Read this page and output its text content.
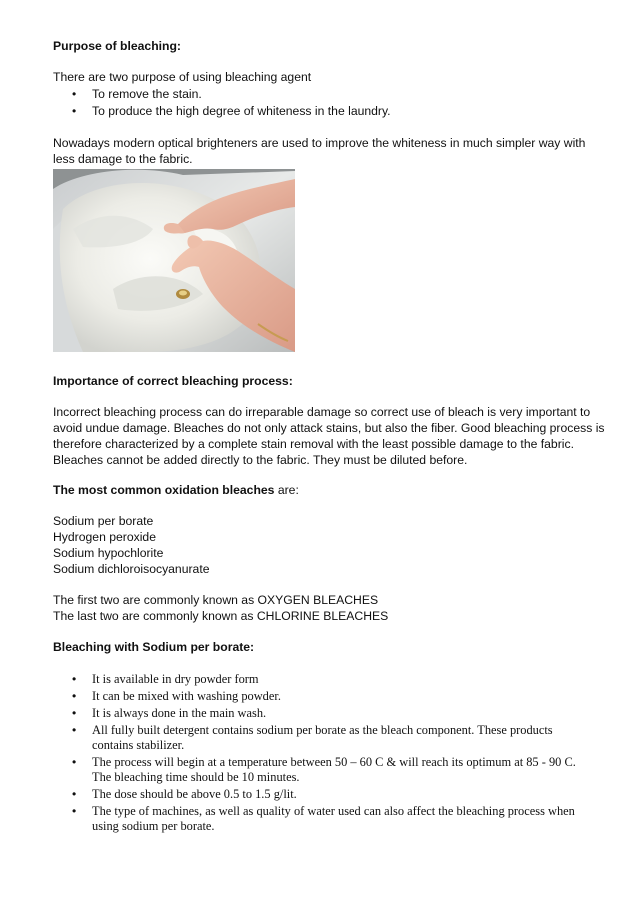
Purpose of bleaching:
There are two purpose of using bleaching agent
• To remove the stain.
• To produce the high degree of whiteness in the laundry.
Nowadays modern optical brighteners are used to improve the whiteness in much simpler way with
less damage to the fabric.
Importance of correct bleaching process:
Incorrect bleaching process can do irreparable damage so correct use of bleach is very important to
avoid undue damage. Bleaches do not only attack stains, but also the fiber. Good bleaching process is
therefore characterized by a complete stain removal with the least possible damage to the fabric.
Bleaches cannot be added directly to the fabric. They must be diluted before.
The most common oxidation bleaches are:
Sodium per borate
Hydrogen peroxide
Sodium hypochlorite
Sodium dichloroisocyanurate
The first two are commonly known as OXYGEN BLEACHES
The last two are commonly known as CHLORINE BLEACHES
Bleaching with Sodium per borate:
• It is available in dry powder form
• It can be mixed with washing powder.
• It is always done in the main wash.
• All fully built detergent contains sodium per borate as the bleach component. These products
contains stabilizer.
• The process will begin at a temperature between 50 – 60 C & will reach its optimum at 85 - 90 C.
The bleaching time should be 10 minutes.
• The dose should be above 0.5 to 1.5 g/lit.
• The type of machines, as well as quality of water used can also affect the bleaching process when
using sodium per borate.
